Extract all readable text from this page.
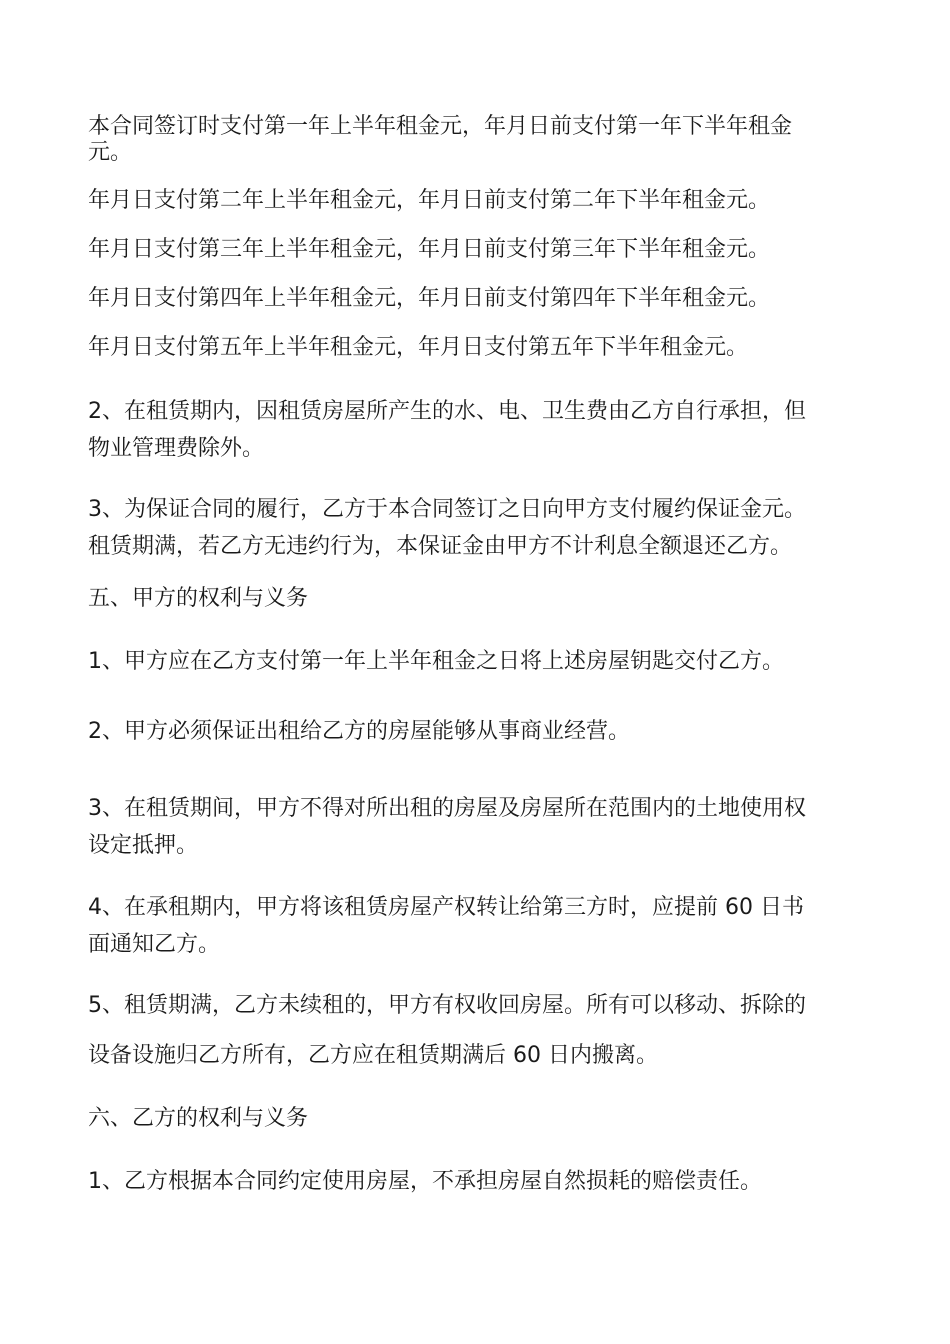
本合同签订时支付第一年上半年租金元，年月日前支付第一年下半年租金
元。
年月日支付第二年上半年租金元，年月日前支付第二年下半年租金元。
年月日支付第三年上半年租金元，年月日前支付第三年下半年租金元。
年月日支付第四年上半年租金元，年月日前支付第四年下半年租金元。
年月日支付第五年上半年租金元，年月日支付第五年下半年租金元。
2、在租赁期内，因租赁房屋所产生的水、电、卫生费由乙方自行承担，但
物业管理费除外。
3、为保证合同的履行，乙方于本合同签订之日向甲方支付履约保证金元。
租赁期满，若乙方无违约行为，本保证金由甲方不计利息全额退还乙方。
五、甲方的权利与义务
1、甲方应在乙方支付第一年上半年租金之日将上述房屋钥匙交付乙方。
2、甲方必须保证出租给乙方的房屋能够从事商业经营。
3、在租赁期间，甲方不得对所出租的房屋及房屋所在范围内的土地使用权
设定抵押。
4、在承租期内，甲方将该租赁房屋产权转让给第三方时，应提前 60 日书
面通知乙方。
5、租赁期满，乙方未续租的，甲方有权收回房屋。所有可以移动、拆除的
设备设施归乙方所有，乙方应在租赁期满后 60 日内搬离。
六、乙方的权利与义务
1、乙方根据本合同约定使用房屋，不承担房屋自然损耗的赔偿责任。
